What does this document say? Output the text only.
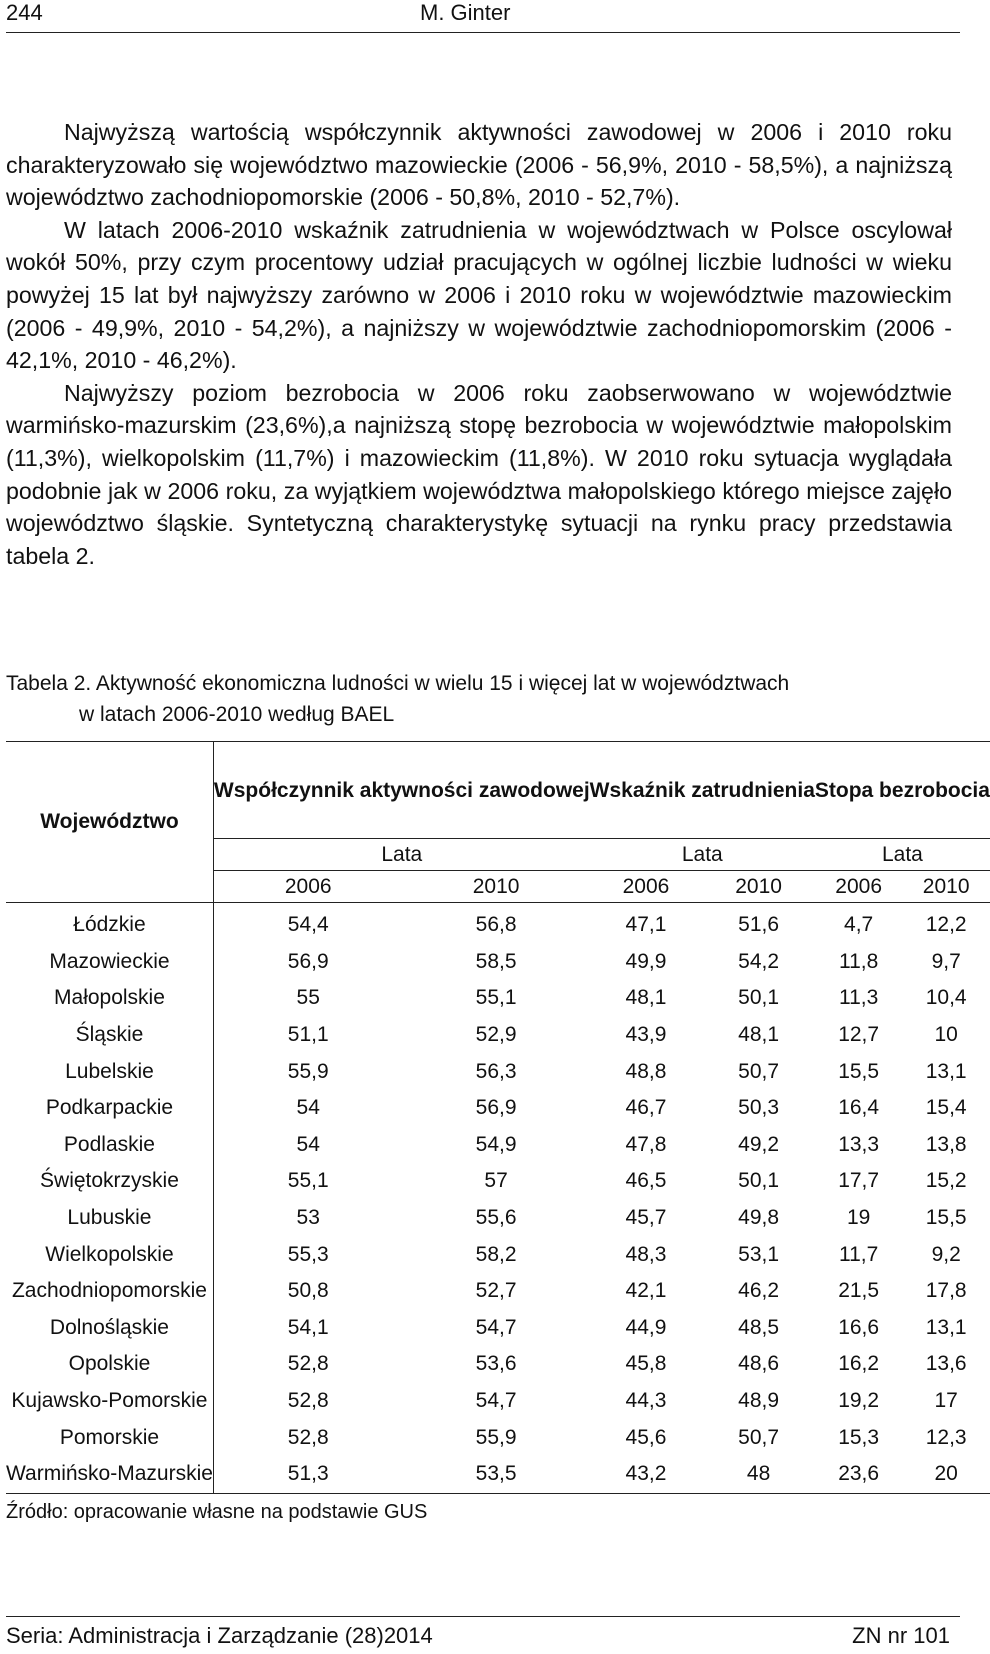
244	M. Ginter

Najwyższą wartością współczynnik aktywności zawodowej w 2006 i 2010 roku charakteryzowało się województwo mazowieckie (2006 - 56,9%, 2010 - 58,5%), a najniższą województwo zachodniopomorskie (2006 - 50,8%, 2010 - 52,7%).

W latach 2006-2010 wskaźnik zatrudnienia w województwach w Polsce oscylował wokół 50%, przy czym procentowy udział pracujących w ogólnej liczbie ludności w wieku powyżej 15 lat był najwyższy zarówno w 2006 i 2010 roku w województwie mazowieckim (2006 - 49,9%, 2010 - 54,2%), a najniższy w województwie zachodniopomorskim (2006 - 42,1%, 2010 - 46,2%).

Najwyższy poziom bezrobocia w 2006 roku zaobserwowano w województwie warmińsko-mazurskim (23,6%),a najniższą stopę bezrobocia w województwie małopolskim (11,3%), wielkopolskim (11,7%) i mazowieckim (11,8%). W 2010 roku sytuacja wyglądała podobnie jak w 2006 roku, za wyjątkiem województwa małopolskiego którego miejsce zajęło województwo śląskie. Syntetyczną charakterystykę sytuacji na rynku pracy przedstawia tabela 2.

Tabela 2. Aktywność ekonomiczna ludności w wielu 15 i więcej lat w województwach
w latach 2006-2010 według BAEL
Województwo	Współczynnik aktywności zawodowej		Wskaźnik zatrudnienia		Stopa bezrobocia	
	Lata		Lata		Lata	
	2006	2010	2006	2010	2006	2010
Łódzkie	54,4	56,8	47,1	51,6	4,7	12,2
Mazowieckie	56,9	58,5	49,9	54,2	11,8	9,7
Małopolskie	55	55,1	48,1	50,1	11,3	10,4
Śląskie	51,1	52,9	43,9	48,1	12,7	10
Lubelskie	55,9	56,3	48,8	50,7	15,5	13,1
Podkarpackie	54	56,9	46,7	50,3	16,4	15,4
Podlaskie	54	54,9	47,8	49,2	13,3	13,8
Świętokrzyskie	55,1	57	46,5	50,1	17,7	15,2
Lubuskie	53	55,6	45,7	49,8	19	15,5
Wielkopolskie	55,3	58,2	48,3	53,1	11,7	9,2
Zachodniopomorskie	50,8	52,7	42,1	46,2	21,5	17,8
Dolnośląskie	54,1	54,7	44,9	48,5	16,6	13,1
Opolskie	52,8	53,6	45,8	48,6	16,2	13,6
Kujawsko-Pomorskie	52,8	54,7	44,3	48,9	19,2	17
Pomorskie	52,8	55,9	45,6	50,7	15,3	12,3
Warmińsko-Mazurskie	51,3	53,5	43,2	48	23,6	20
Źródło: opracowanie własne na podstawie GUS
Seria: Administracja i Zarządzanie (28)2014	ZN nr 101
